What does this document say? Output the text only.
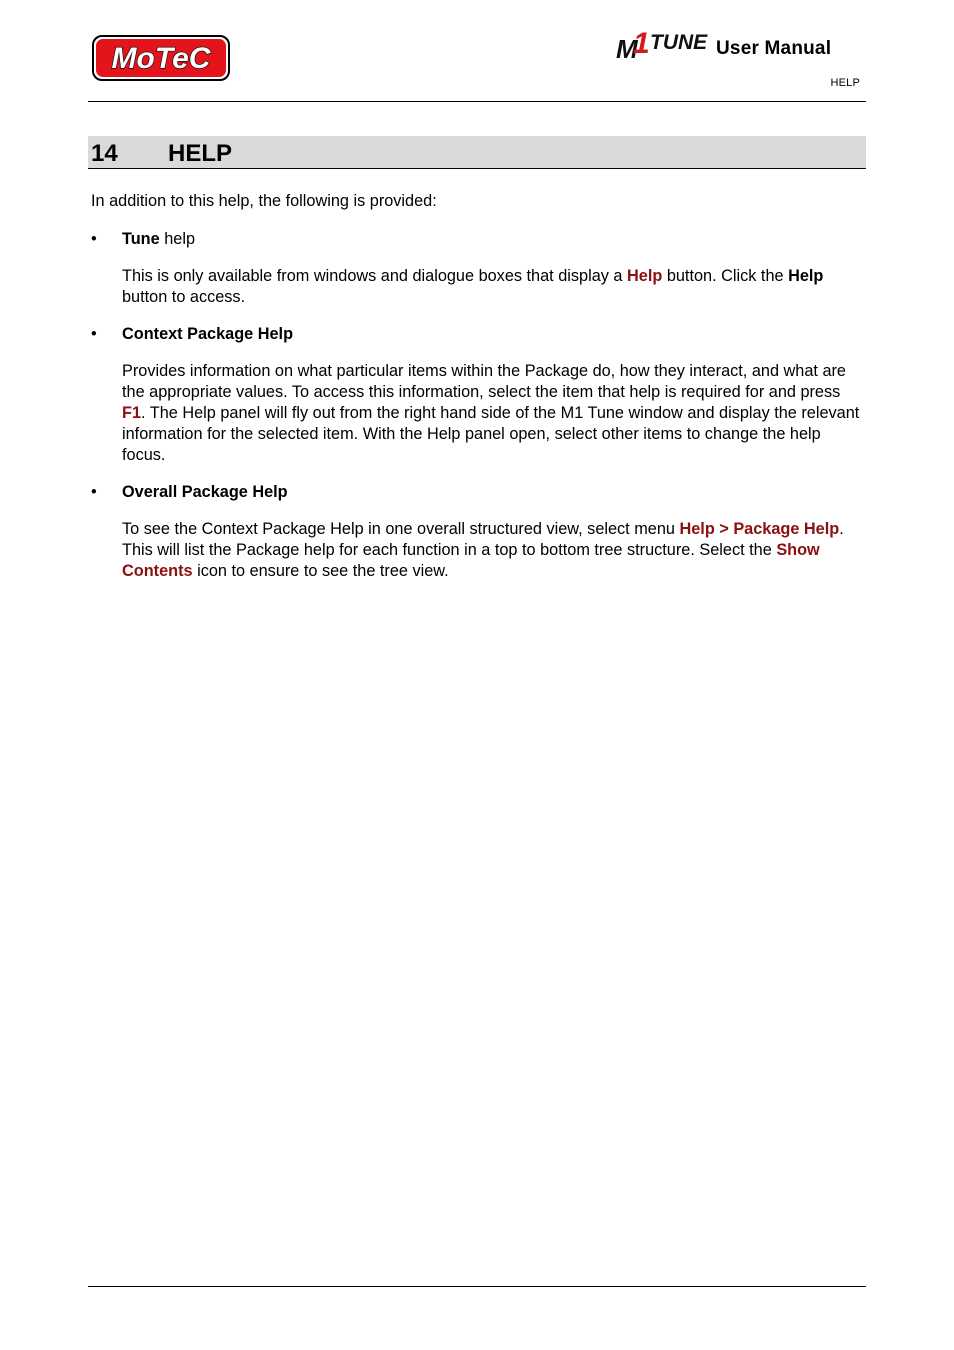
MoTeC	M
1 TUNE User Manual
HELP
14 HELP

In addition to this help, the following is provided:

• Tune help
This is only available from windows and dialogue boxes that display a Help button. Click the Help button to access.
• Context Package Help
Provides information on what particular items within the Package do, how they interact, and what are the appropriate values. To access this information, select the item that help is required for and press F1. The Help panel will fly out from the right hand side of the M1 Tune window and display the relevant information for the selected item. With the Help panel open, select other items to change the help focus.
• Overall Package Help
To see the Context Package Help in one overall structured view, select menu Help > Package Help. This will list the Package help for each function in a top to bottom tree structure. Select the Show Contents icon to ensure to see the tree view.
